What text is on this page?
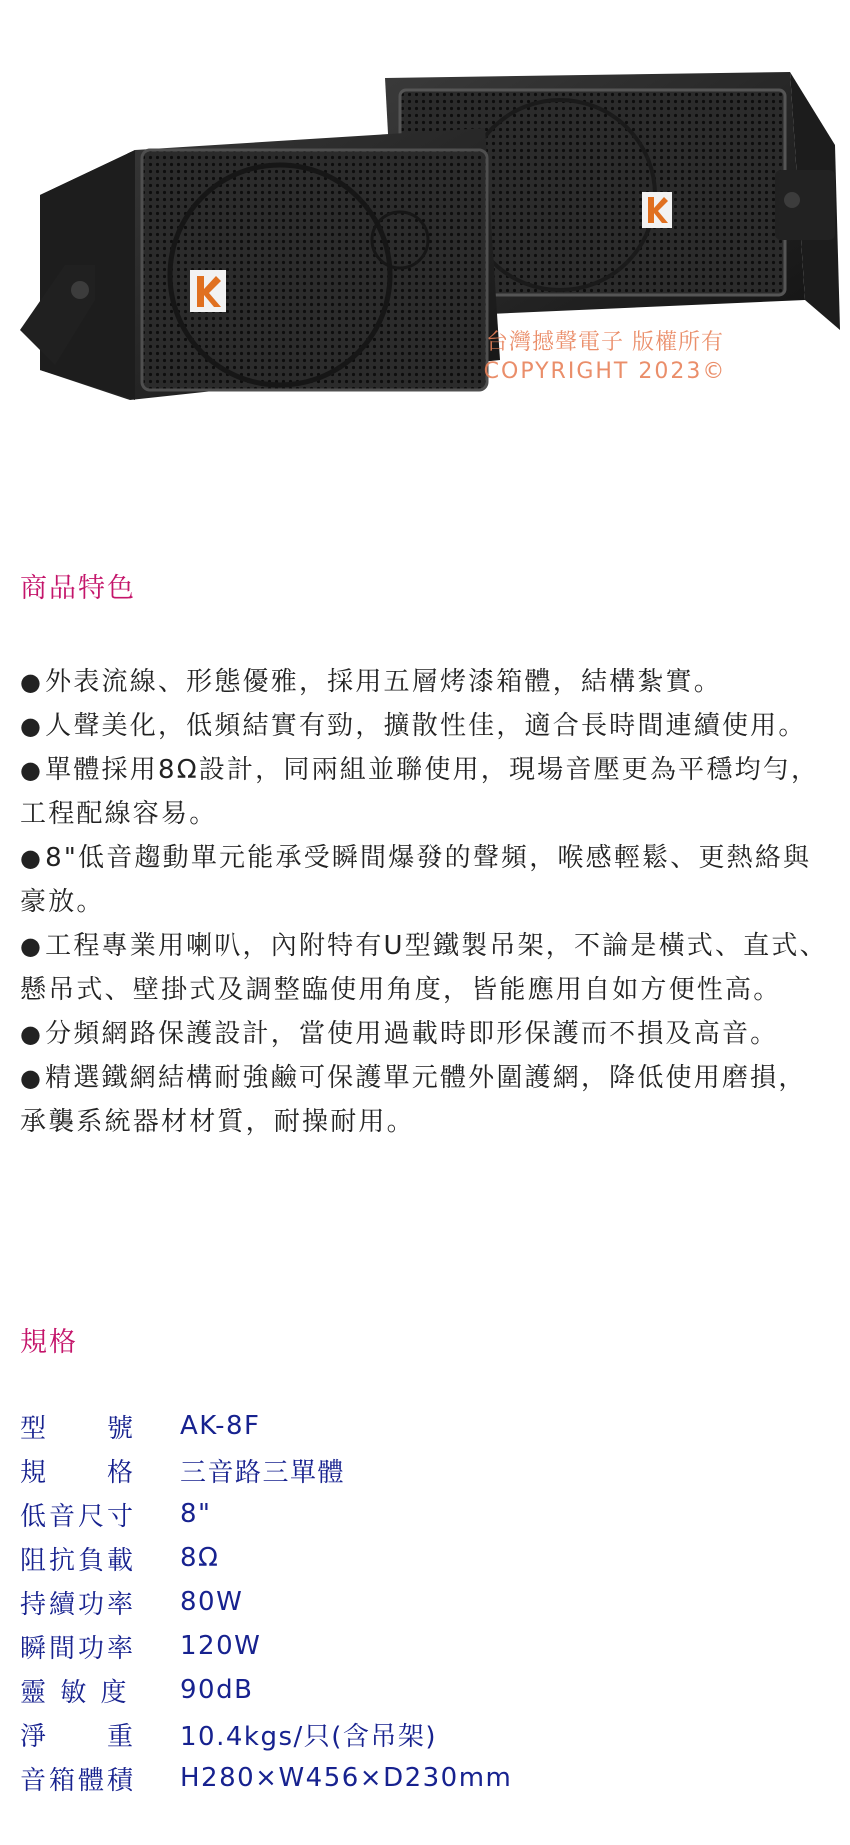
台灣撼聲電子 版權所有
COPYRIGHT 2023©
商品特色
●外表流線、形態優雅，採用五層烤漆箱體，結構紮實。
●人聲美化，低頻結實有勁，擴散性佳，適合長時間連續使用。
●單體採用8Ω設計，同兩組並聯使用，現場音壓更為平穩均勻，工程配線容易。
●8"低音趨動單元能承受瞬間爆發的聲頻，喉感輕鬆、更熱絡與豪放。
●工程專業用喇叭，內附特有U型鐵製吊架，不論是橫式、直式、懸吊式、壁掛式及調整臨使用角度，皆能應用自如方便性高。
●分頻網路保護設計，當使用過載時即形保護而不損及高音。
●精選鐵網結構耐強鹼可保護單元體外圍護網，降低使用磨損，承襲系統器材材質，耐操耐用。
規格
型　　號	AK-8F
規　　格	三音路三單體
低音尺寸	8"
阻抗負載	8Ω
持續功率	80W
瞬間功率	120W
靈 敏 度	90dB
淨　　重	10.4kgs/只(含吊架)
音箱體積	H280×W456×D230mm
